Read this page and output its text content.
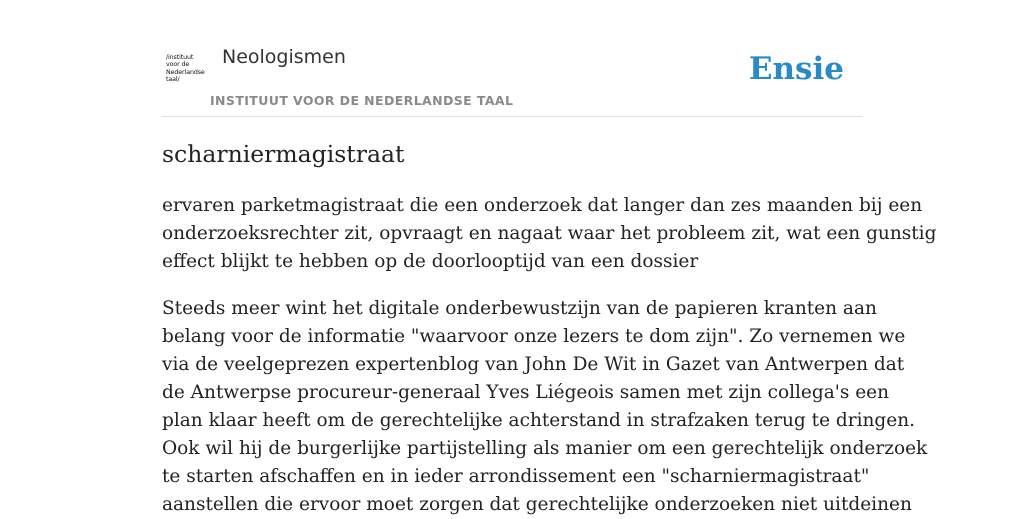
/instituut
voor de
Nederlandse
taal/
Neologismen
INSTITUUT VOOR DE NEDERLANDSE TAAL
Ensie
scharniermagistraat

ervaren parketmagistraat die een onderzoek dat langer dan zes maanden bij een
onderzoeksrechter zit, opvraagt en nagaat waar het probleem zit, wat een gunstig
effect blijkt te hebben op de doorlooptijd van een dossier

Steeds meer wint het digitale onderbewustzijn van de papieren kranten aan
belang voor de informatie "waarvoor onze lezers te dom zijn". Zo vernemen we
via de veelgeprezen expertenblog van John De Wit in Gazet van Antwerpen dat
de Antwerpse procureur-generaal Yves Liégeois samen met zijn collega's een
plan klaar heeft om de gerechtelijke achterstand in strafzaken terug te dringen.
Ook wil hij de burgerlijke partijstelling als manier om een gerechtelijk onderzoek
te starten afschaffen en in ieder arrondissement een "scharniermagistraat"
aanstellen die ervoor moet zorgen dat gerechtelijke onderzoeken niet uitdeinen
